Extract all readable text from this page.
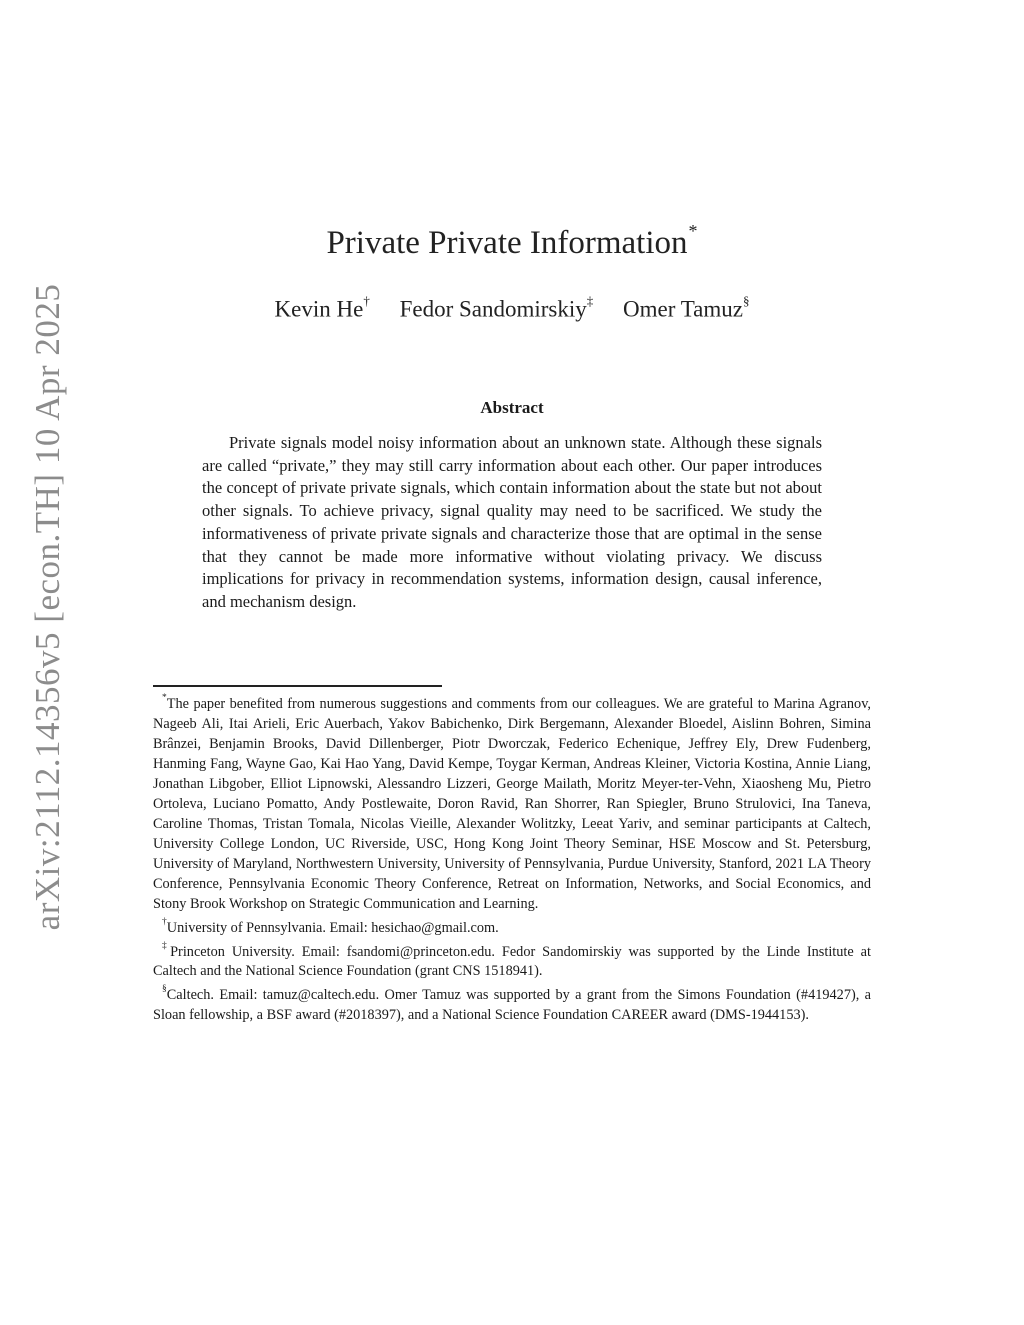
arXiv:2112.14356v5 [econ.TH] 10 Apr 2025
Private Private Information*
Kevin He† Fedor Sandomirskiy‡ Omer Tamuz§
Abstract
Private signals model noisy information about an unknown state. Although these signals are called “private,” they may still carry information about each other. Our paper introduces the concept of private private signals, which contain information about the state but not about other signals. To achieve privacy, signal quality may need to be sacrificed. We study the informativeness of private private signals and characterize those that are optimal in the sense that they cannot be made more informative without violating privacy. We discuss implications for privacy in recommendation systems, information design, causal inference, and mechanism design.

*The paper benefited from numerous suggestions and comments from our colleagues. We are grateful to Marina Agranov, Nageeb Ali, Itai Arieli, Eric Auerbach, Yakov Babichenko, Dirk Bergemann, Alexander Bloedel, Aislinn Bohren, Simina Brânzei, Benjamin Brooks, David Dillenberger, Piotr Dworczak, Federico Echenique, Jeffrey Ely, Drew Fudenberg, Hanming Fang, Wayne Gao, Kai Hao Yang, David Kempe, Toygar Kerman, Andreas Kleiner, Victoria Kostina, Annie Liang, Jonathan Libgober, Elliot Lipnowski, Alessandro Lizzeri, George Mailath, Moritz Meyer-ter-Vehn, Xiaosheng Mu, Pietro Ortoleva, Luciano Pomatto, Andy Postlewaite, Doron Ravid, Ran Shorrer, Ran Spiegler, Bruno Strulovici, Ina Taneva, Caroline Thomas, Tristan Tomala, Nicolas Vieille, Alexander Wolitzky, Leeat Yariv, and seminar participants at Caltech, University College London, UC Riverside, USC, Hong Kong Joint Theory Seminar, HSE Moscow and St. Petersburg, University of Maryland, Northwestern University, University of Pennsylvania, Purdue University, Stanford, 2021 LA Theory Conference, Pennsylvania Economic Theory Conference, Retreat on Information, Networks, and Social Economics, and Stony Brook Workshop on Strategic Communication and Learning.

†University of Pennsylvania. Email: hesichao@gmail.com.

‡Princeton University. Email: fsandomi@princeton.edu. Fedor Sandomirskiy was supported by the Linde Institute at Caltech and the National Science Foundation (grant CNS 1518941).

§Caltech. Email: tamuz@caltech.edu. Omer Tamuz was supported by a grant from the Simons Foundation (#419427), a Sloan fellowship, a BSF award (#2018397), and a National Science Foundation CAREER award (DMS-1944153).
